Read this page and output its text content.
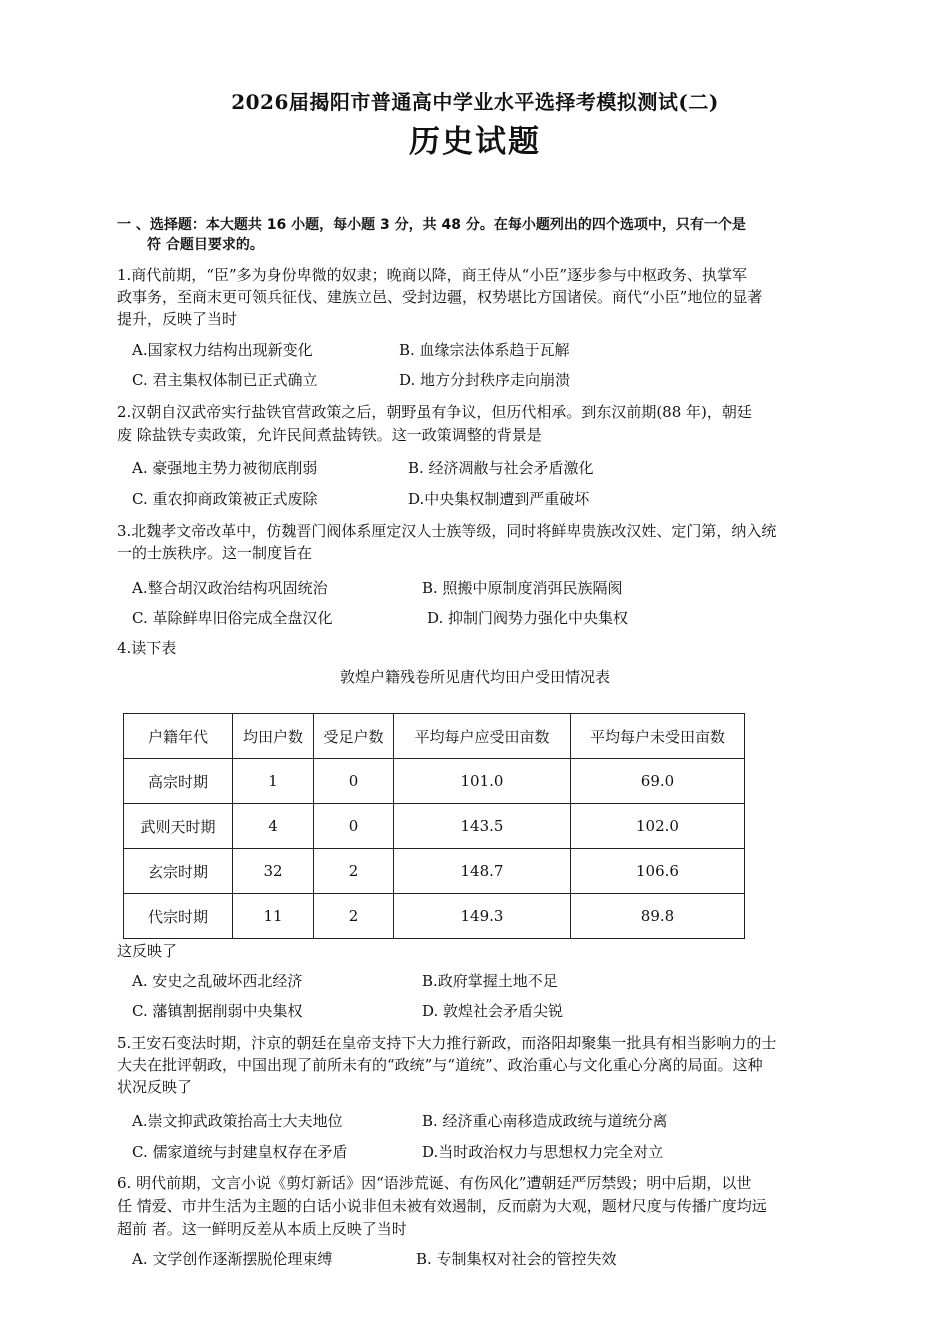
2026届揭阳市普通高中学业水平选择考模拟测试(二)
历史试题
一 、选择题：本大题共 16 小题，每小题 3 分，共 48 分。在每小题列出的四个选项中，只有一个是
符 合题目要求的。
1.商代前期，“臣”多为身份卑微的奴隶；晚商以降，商王侍从“小臣”逐步参与中枢政务、执掌军
政事务，至商末更可领兵征伐、建族立邑、受封边疆，权势堪比方国诸侯。商代“小臣”地位的显著
提升，反映了当时
A.国家权力结构出现新变化	B. 血缘宗法体系趋于瓦解
C. 君主集权体制已正式确立	D. 地方分封秩序走向崩溃
2.汉朝自汉武帝实行盐铁官营政策之后，朝野虽有争议，但历代相承。到东汉前期(88 年)，朝廷
废 除盐铁专卖政策，允许民间煮盐铸铁。这一政策调整的背景是
A. 豪强地主势力被彻底削弱	B. 经济凋敝与社会矛盾激化
C. 重农抑商政策被正式废除	D.中央集权制遭到严重破坏
3.北魏孝文帝改革中，仿魏晋门阀体系厘定汉人士族等级，同时将鲜卑贵族改汉姓、定门第，纳入统
一的士族秩序。这一制度旨在
A.整合胡汉政治结构巩固统治	B. 照搬中原制度消弭民族隔阂
C. 革除鲜卑旧俗完成全盘汉化	D. 抑制门阀势力强化中央集权
4.读下表
敦煌户籍残卷所见唐代均田户受田情况表
户籍年代	均田户数	受足户数	平均每户应受田亩数	平均每户未受田亩数
高宗时期	1	0	101.0	69.0
武则天时期	4	0	143.5	102.0
玄宗时期	32	2	148.7	106.6
代宗时期	11	2	149.3	89.8
这反映了
A. 安史之乱破坏西北经济	B.政府掌握土地不足
C. 藩镇割据削弱中央集权	D. 敦煌社会矛盾尖锐
5.王安石变法时期，汴京的朝廷在皇帝支持下大力推行新政，而洛阳却聚集一批具有相当影响力的士
大夫在批评朝政，中国出现了前所未有的“政统”与“道统”、政治重心与文化重心分离的局面。这种
状况反映了
A.崇文抑武政策抬高士大夫地位	B. 经济重心南移造成政统与道统分离
C. 儒家道统与封建皇权存在矛盾	D.当时政治权力与思想权力完全对立
6. 明代前期，文言小说《剪灯新话》因“语涉荒诞、有伤风化”遭朝廷严厉禁毁；明中后期，以世
任 情爱、市井生活为主题的白话小说非但未被有效遏制，反而蔚为大观，题材尺度与传播广度均远
超前 者。这一鲜明反差从本质上反映了当时
A. 文学创作逐渐摆脱伦理束缚	B. 专制集权对社会的管控失效
